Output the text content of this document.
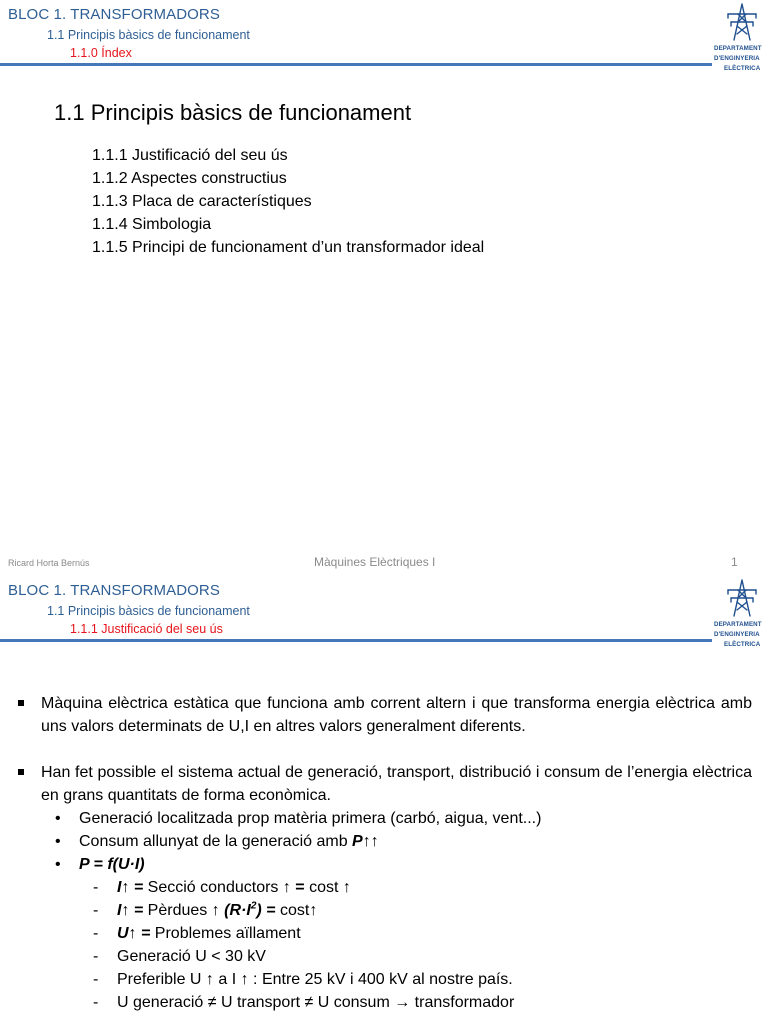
BLOC 1. TRANSFORMADORS
1.1 Principis bàsics de funcionament
1.1.0 Índex	DEPARTAMENT
D'ENGINYERIA
ELÈCTRICA
1.1 Principis bàsics de funcionament
1.1.1 Justificació del seu ús
1.1.2 Aspectes constructius
1.1.3 Placa de característiques
1.1.4 Simbologia
1.1.5 Principi de funcionament d’un transformador ideal
Ricard Horta Bernús	Màquines Elèctriques I	1
BLOC 1. TRANSFORMADORS
1.1 Principis bàsics de funcionament
1.1.1 Justificació del seu ús	DEPARTAMENT
D'ENGINYERIA
ELÈCTRICA
Màquina elèctrica estàtica que funciona amb corrent altern i que transforma energia elèctrica amb uns valors determinats de U,I en altres valors generalment diferents.
Han fet possible el sistema actual de generació, transport, distribució i consum de l’energia elèctrica en grans quantitats de forma econòmica.
• Generació localitzada prop matèria primera (carbó, aigua, vent...)
• Consum allunyat de la generació amb P↑↑
• P = f(U·I)
- I↑ = Secció conductors ↑ = cost ↑
- I↑ = Pèrdues ↑ $(R\cdot I^2)$ = cost↑
- U↑ = Problemes aïllament
- Generació U < 30 kV
- Preferible U ↑ a I ↑ : Entre 25 kV i 400 kV al nostre país.
- U generació ≠ U transport ≠ U consum → transformador
